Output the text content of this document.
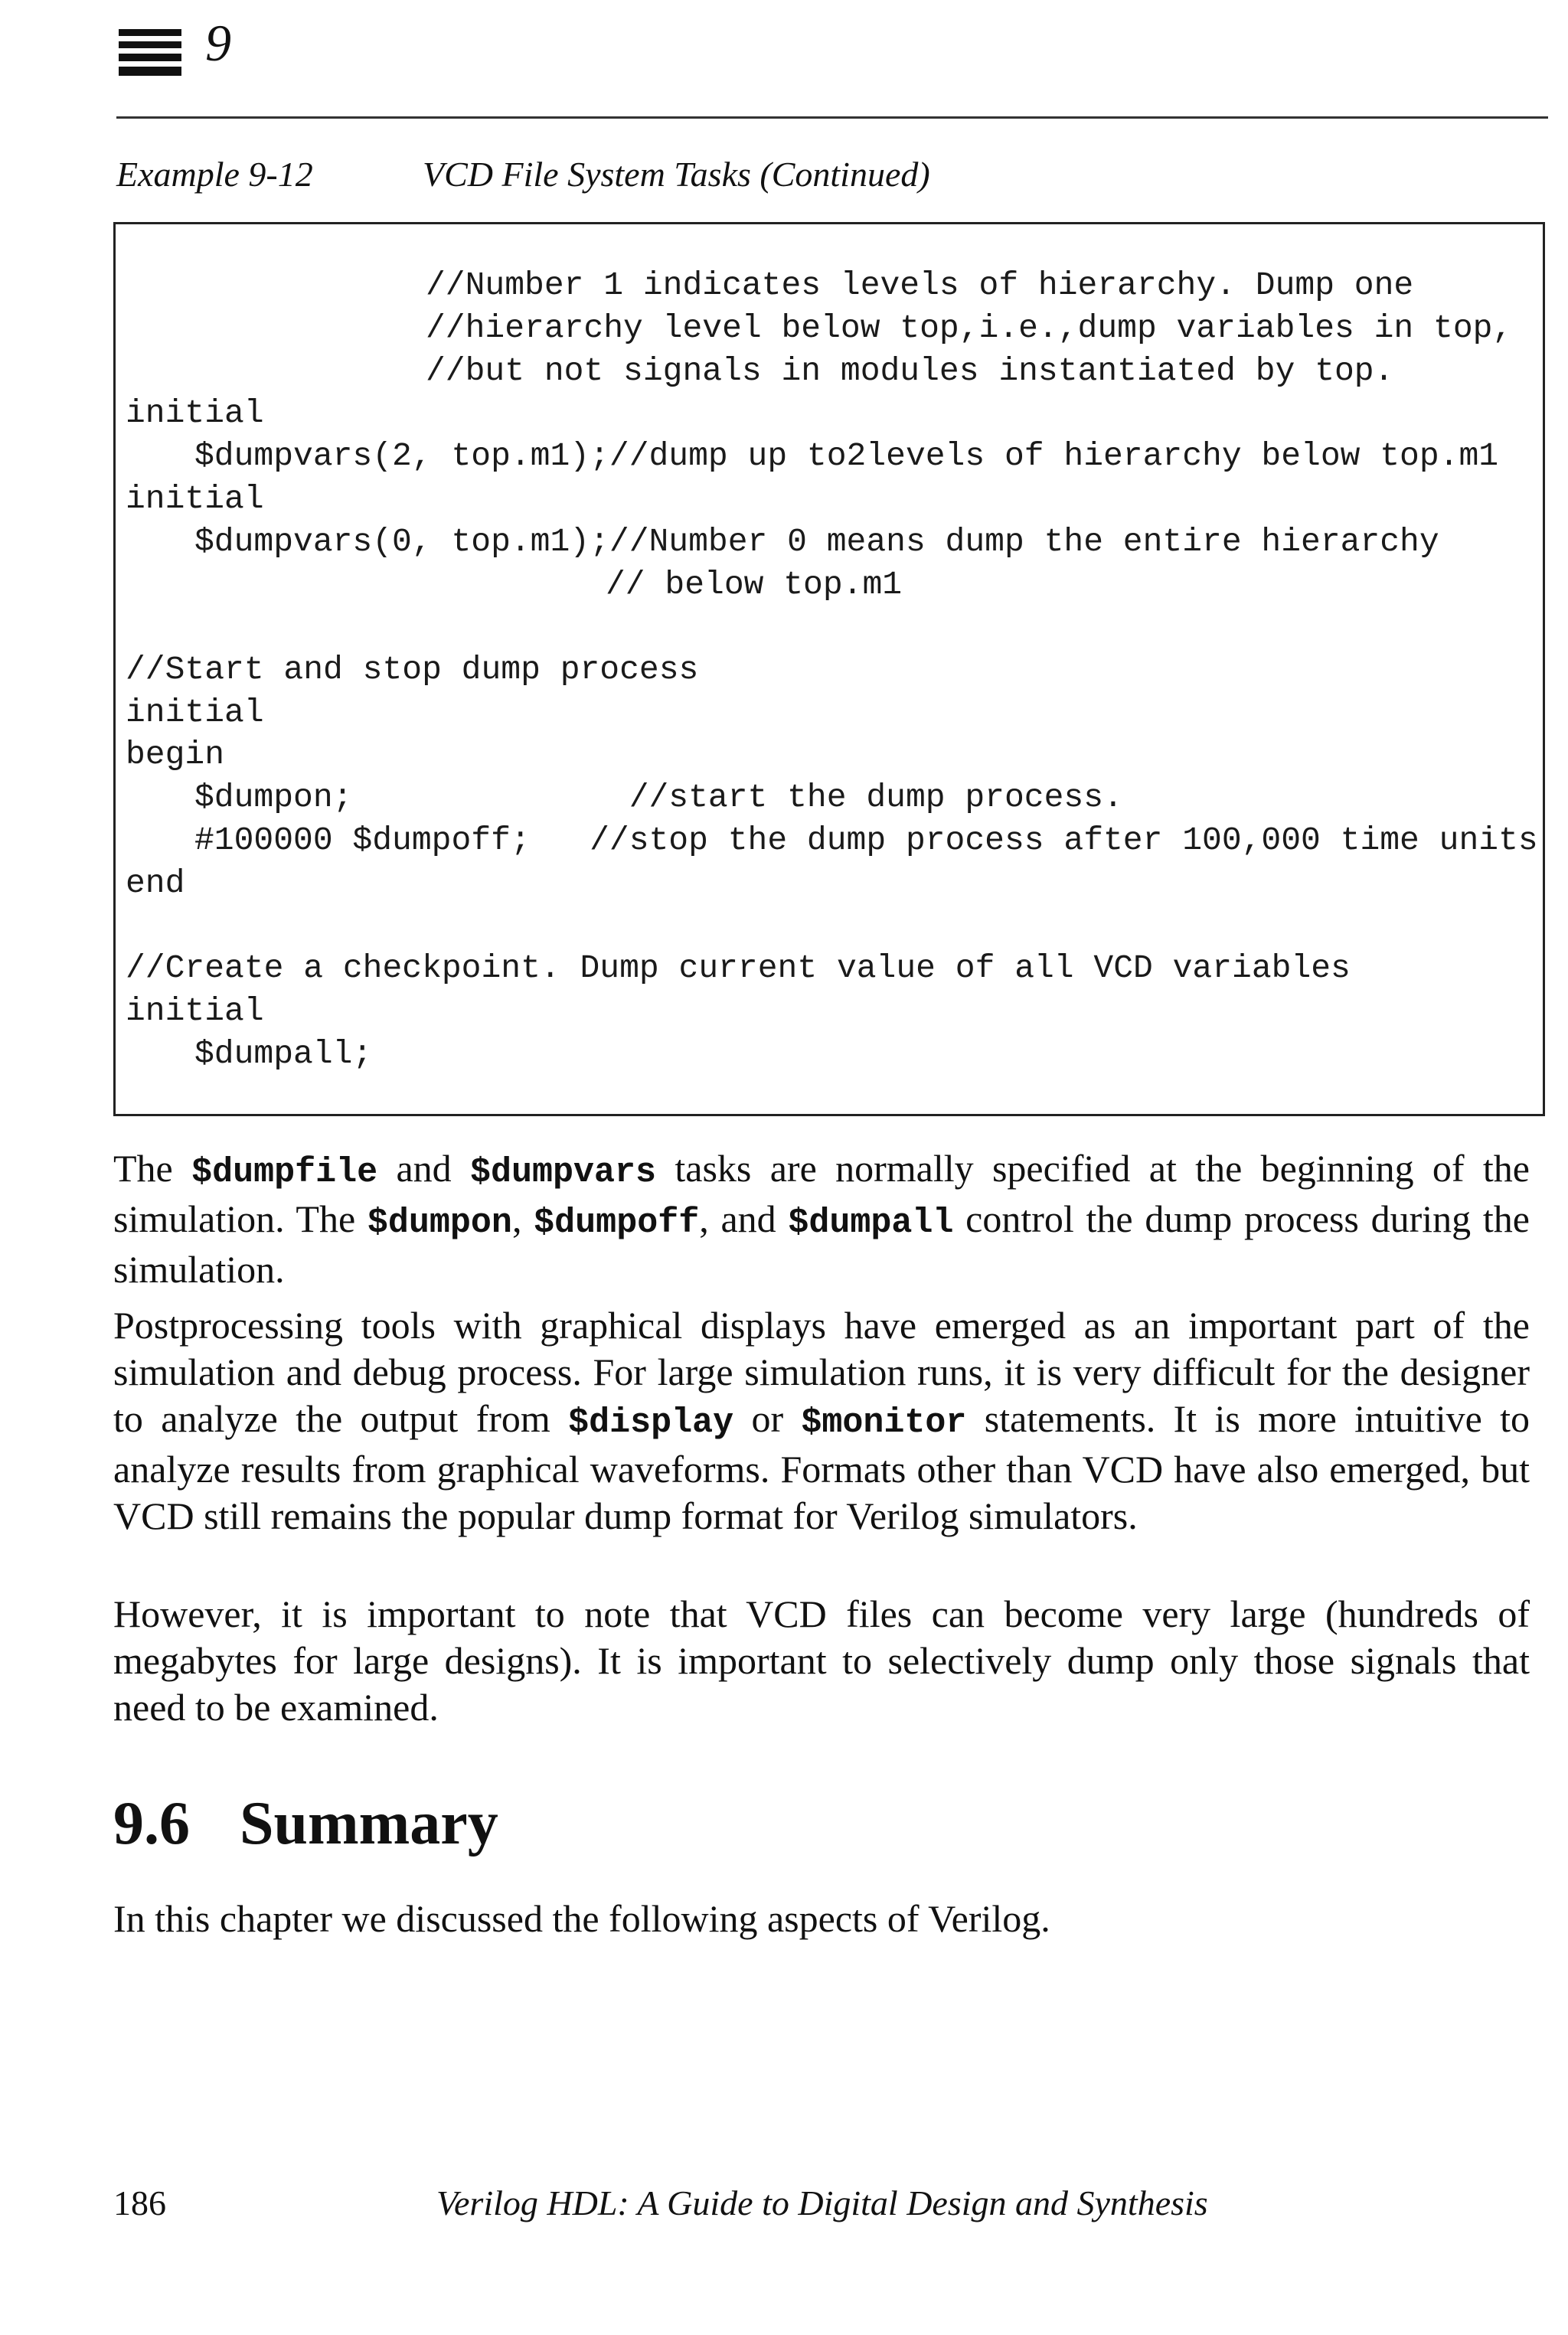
9
Example 9-12	VCD File System Tasks (Continued)
//Number 1 indicates levels of hierarchy. Dump one
//hierarchy level below top,i.e.,dump variables in top,
//but not signals in modules instantiated by top.
initial
$dumpvars(2, top.m1);//dump up to2levels of hierarchy below top.m1
initial
$dumpvars(0, top.m1);//Number 0 means dump the entire hierarchy
// below top.m1
//Start and stop dump process
initial
begin
$dumpon;              //start the dump process.
#100000 $dumpoff;   //stop the dump process after 100,000 time units
end
//Create a checkpoint. Dump current value of all VCD variables
initial
$dumpall;

The $dumpfile and $dumpvars tasks are normally specified at the beginning of the simulation. The $dumpon, $dumpoff, and $dumpall control the dump process during the simulation.

Postprocessing tools with graphical displays have emerged as an important part of the simulation and debug process. For large simulation runs, it is very difficult for the designer to analyze the output from $display or $monitor statements. It is more intuitive to analyze results from graphical waveforms. Formats other than VCD have also emerged, but VCD still remains the popular dump format for Verilog simulators.

However, it is important to note that VCD files can become very large (hundreds of megabytes for large designs). It is important to selectively dump only those signals that need to be examined.

9.6 Summary

In this chapter we discussed the following aspects of Verilog.

186	Verilog HDL: A Guide to Digital Design and Synthesis
